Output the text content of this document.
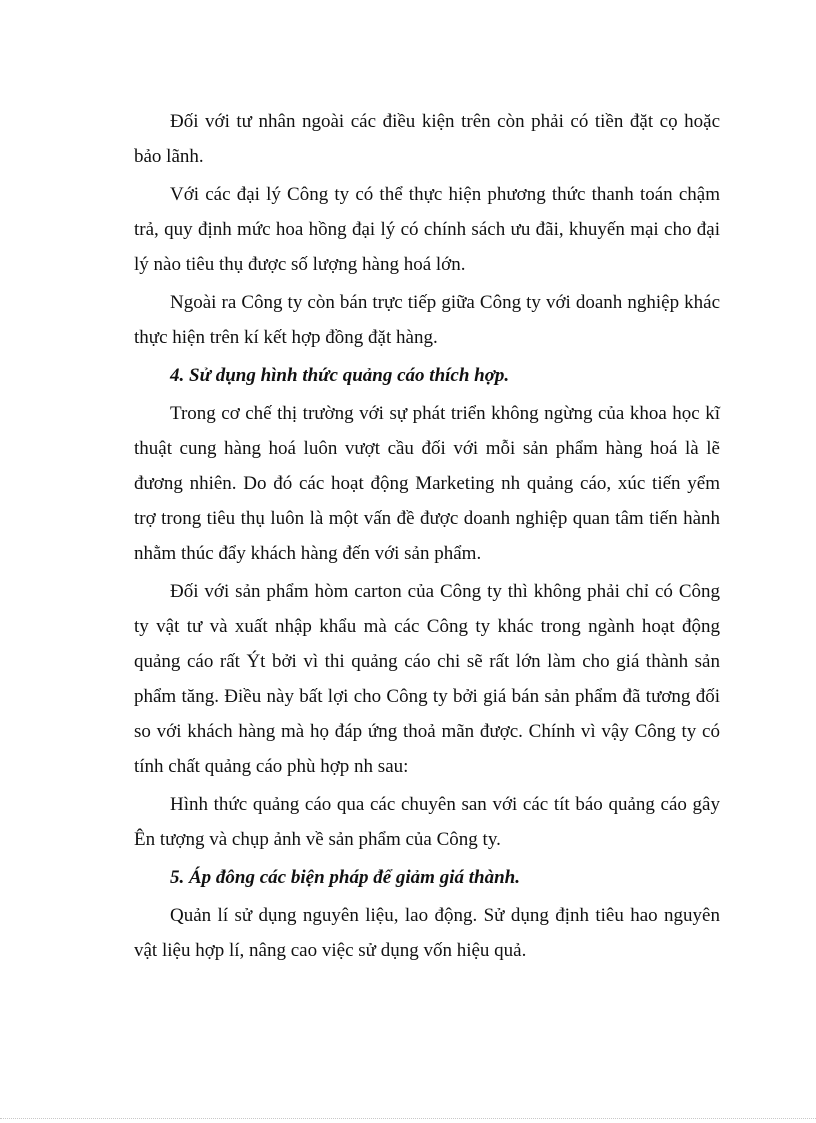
Đối với tư nhân ngoài các điều kiện trên còn phải có tiền đặt cọ hoặc bảo lãnh.

Với các đại lý Công ty có thể thực hiện phương thức thanh toán chậm trả, quy định mức hoa hồng đại lý có chính sách ưu đãi, khuyến mại cho đại lý nào tiêu thụ được số lượng hàng hoá lớn.

Ngoài ra Công ty còn bán trực tiếp giữa Công ty với doanh nghiệp khác thực hiện trên kí kết hợp đồng đặt hàng.

4. Sử dụng hình thức quảng cáo thích hợp.

Trong cơ chế thị trường với sự phát triển không ngừng của khoa học kĩ thuật cung hàng hoá luôn vượt cầu đối với mỗi sản phẩm hàng hoá là lẽ đương nhiên. Do đó các hoạt động Marketing nh quảng cáo, xúc tiến yểm trợ trong tiêu thụ luôn là một vấn đề được doanh nghiệp quan tâm tiến hành nhằm thúc đẩy khách hàng đến với sản phẩm.

Đối với sản phẩm hòm carton của Công ty thì không phải chỉ có Công ty vật tư và xuất nhập khẩu mà các Công ty khác trong ngành hoạt động quảng cáo rất Ýt bởi vì thi quảng cáo chi sẽ rất lớn làm cho giá thành sản phẩm tăng. Điều này bất lợi cho Công ty bởi giá bán sản phẩm đã tương đối so với khách hàng mà họ đáp ứng thoả mãn được. Chính vì vậy Công ty có tính chất quảng cáo phù hợp nh sau:

Hình thức quảng cáo qua các chuyên san với các tít báo quảng cáo gây Ên tượng và chụp ảnh về sản phẩm của Công ty.

5. Áp đông các biện pháp để giảm giá thành.

Quản lí sử dụng nguyên liệu, lao động. Sử dụng định tiêu hao nguyên vật liệu hợp lí, nâng cao việc sử dụng vốn hiệu quả.
